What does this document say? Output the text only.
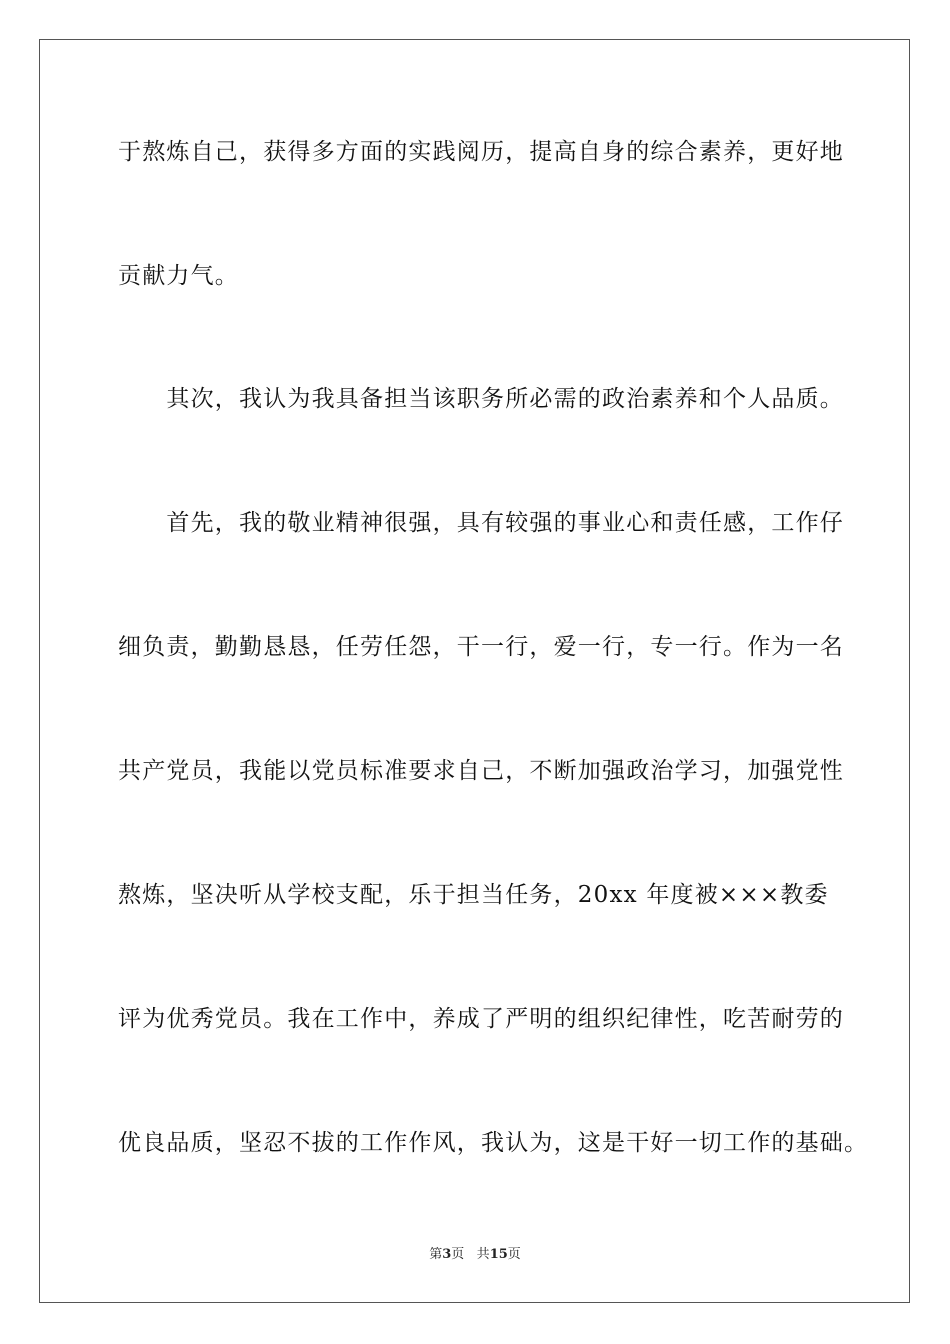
于熬炼自己，获得多方面的实践阅历，提高自身的综合素养，更好地
贡献力气。
　　其次，我认为我具备担当该职务所必需的政治素养和个人品质。
　　首先，我的敬业精神很强，具有较强的事业心和责任感，工作仔
细负责，勤勤恳恳，任劳任怨，干一行，爱一行，专一行。作为一名
共产党员，我能以党员标准要求自己，不断加强政治学习，加强党性
熬炼，坚决听从学校支配，乐于担当任务，20xx 年度被×××教委
评为优秀党员。我在工作中，养成了严明的组织纪律性，吃苦耐劳的
优良品质，坚忍不拔的工作作风，我认为，这是干好一切工作的基础。
第3页 共15页
